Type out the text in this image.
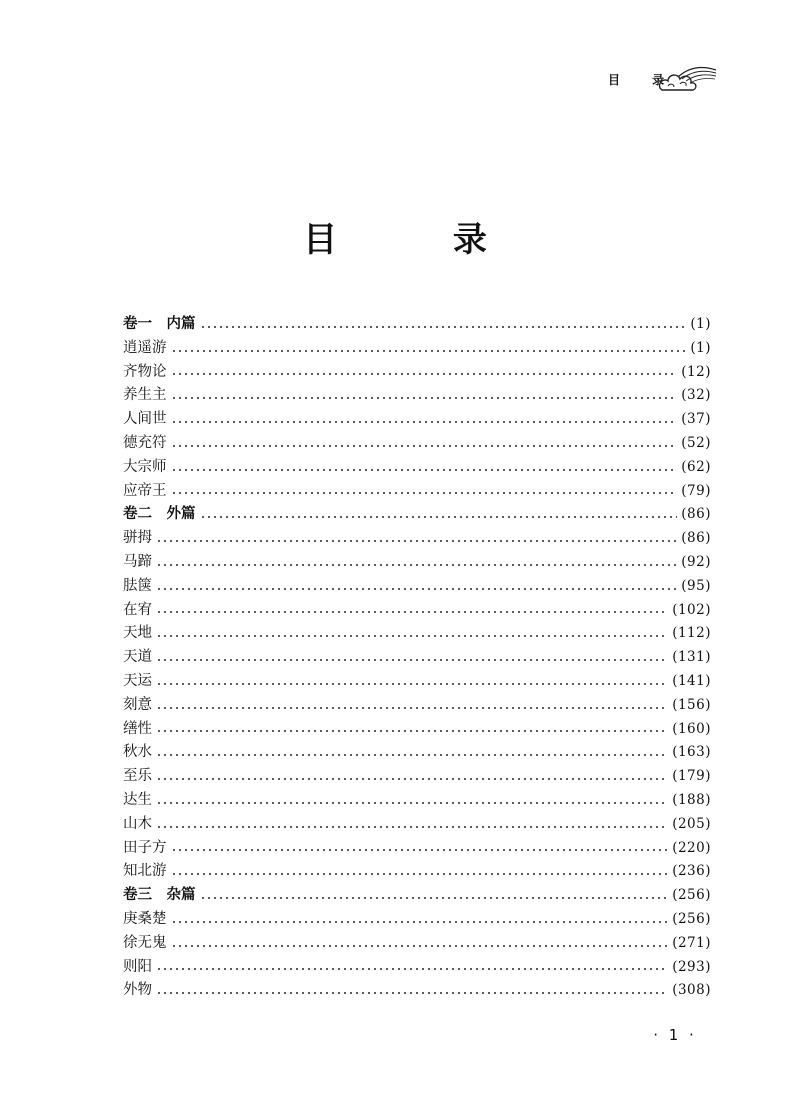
目 录
目 录
卷一　内篇	(1)
逍遥游	(1)
齐物论	(12)
养生主	(32)
人间世	(37)
德充符	(52)
大宗师	(62)
应帝王	(79)
卷二　外篇	(86)
骈拇	(86)
马蹄	(92)
胠箧	(95)
在宥	(102)
天地	(112)
天道	(131)
天运	(141)
刻意	(156)
缮性	(160)
秋水	(163)
至乐	(179)
达生	(188)
山木	(205)
田子方	(220)
知北游	(236)
卷三　杂篇	(256)
庚桑楚	(256)
徐无鬼	(271)
则阳	(293)
外物	(308)
· 1 ·
